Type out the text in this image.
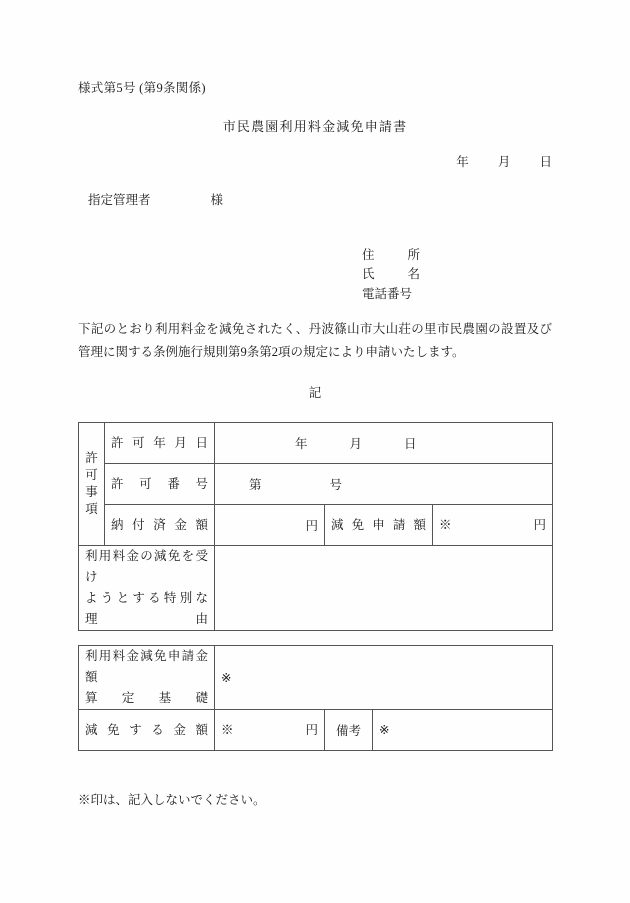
様式第5号 (第9条関係)
市民農園利用料金減免申請書
年 月 日
指定管理者	様
住所
氏名
電話番号
下記のとおり利用料金を減免されたく、丹波篠山市大山荘の里市民農園の設置及び管理に関する条例施行規則第9条第2項の規定により申請いたします。
記
許
可
事
項	許可年月日	年 月 日		

	許可番号	第 号		

	納付済金額	円	減免申請額	※円

利用料金の減免を受け
ようとする特別な
理由				

利用料金減免申請金額
算定基礎	※		

減免する金額	※円	備考	※
※印は、記入しないでください。
